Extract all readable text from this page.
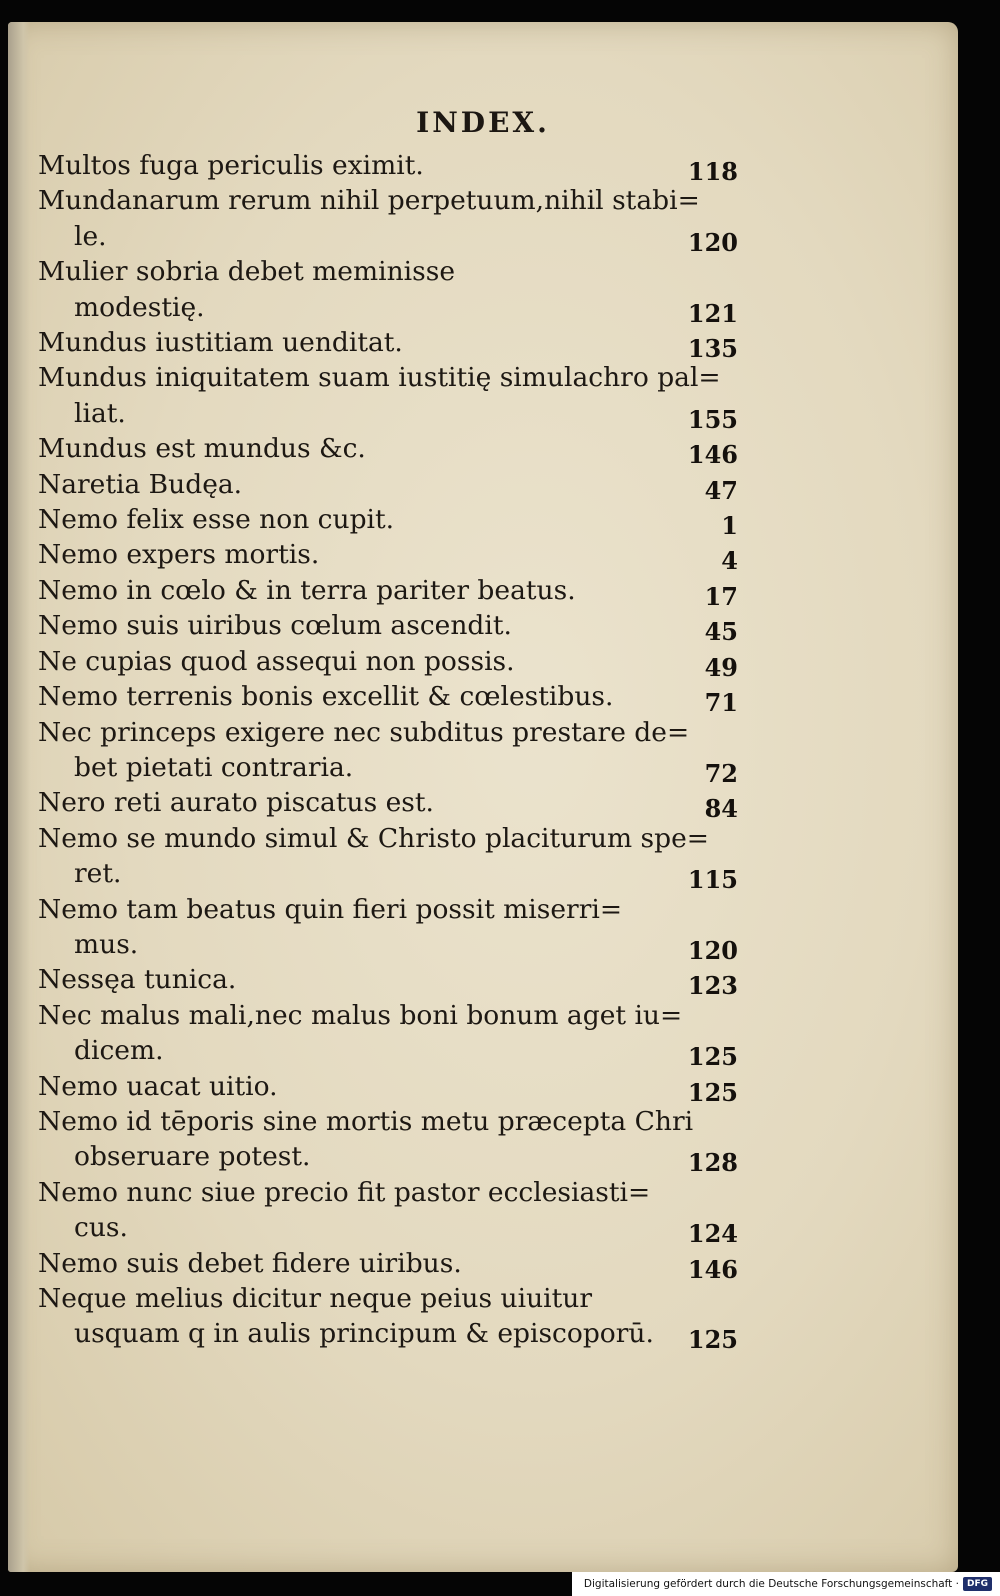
INDEX.
Multos fuga periculis eximit.	118
Mundanarum rerum nihil perpetuum,nihil stabi=
le.	120
Mulier sobria debet meminisse
modestię.	121
Mundus iustitiam uenditat.	135
Mundus iniquitatem suam iustitię simulachro pal=
liat.	155
Mundus est mundus &c.	146
Naretia Budęa.	47
Nemo felix esse non cupit.	1
Nemo expers mortis.	4
Nemo in cœlo & in terra pariter beatus.	17
Nemo suis uiribus cœlum ascendit.	45
Ne cupias quod assequi non possis.	49
Nemo terrenis bonis excellit & cœlestibus.	71
Nec princeps exigere nec subditus prestare de=
bet pietati contraria.	72
Nero reti aurato piscatus est.	84
Nemo se mundo simul & Christo placiturum spe=
ret.	115
Nemo tam beatus quin fieri possit miserri=
mus.	120
Nessęa tunica.	123
Nec malus mali,nec malus boni bonum aget iu=
dicem.	125
Nemo uacat uitio.	125
Nemo id tēporis sine mortis metu præcepta Chri
obseruare potest.	128
Nemo nunc siue precio fit pastor ecclesiasti=
cus.	124
Nemo suis debet fidere uiribus.	146
Neque melius dicitur neque peius uiuitur
usquam q in aulis principum & episcoporū.	125
Digitalisierung gefördert durch die Deutsche Forschungsgemeinschaft · DFG
